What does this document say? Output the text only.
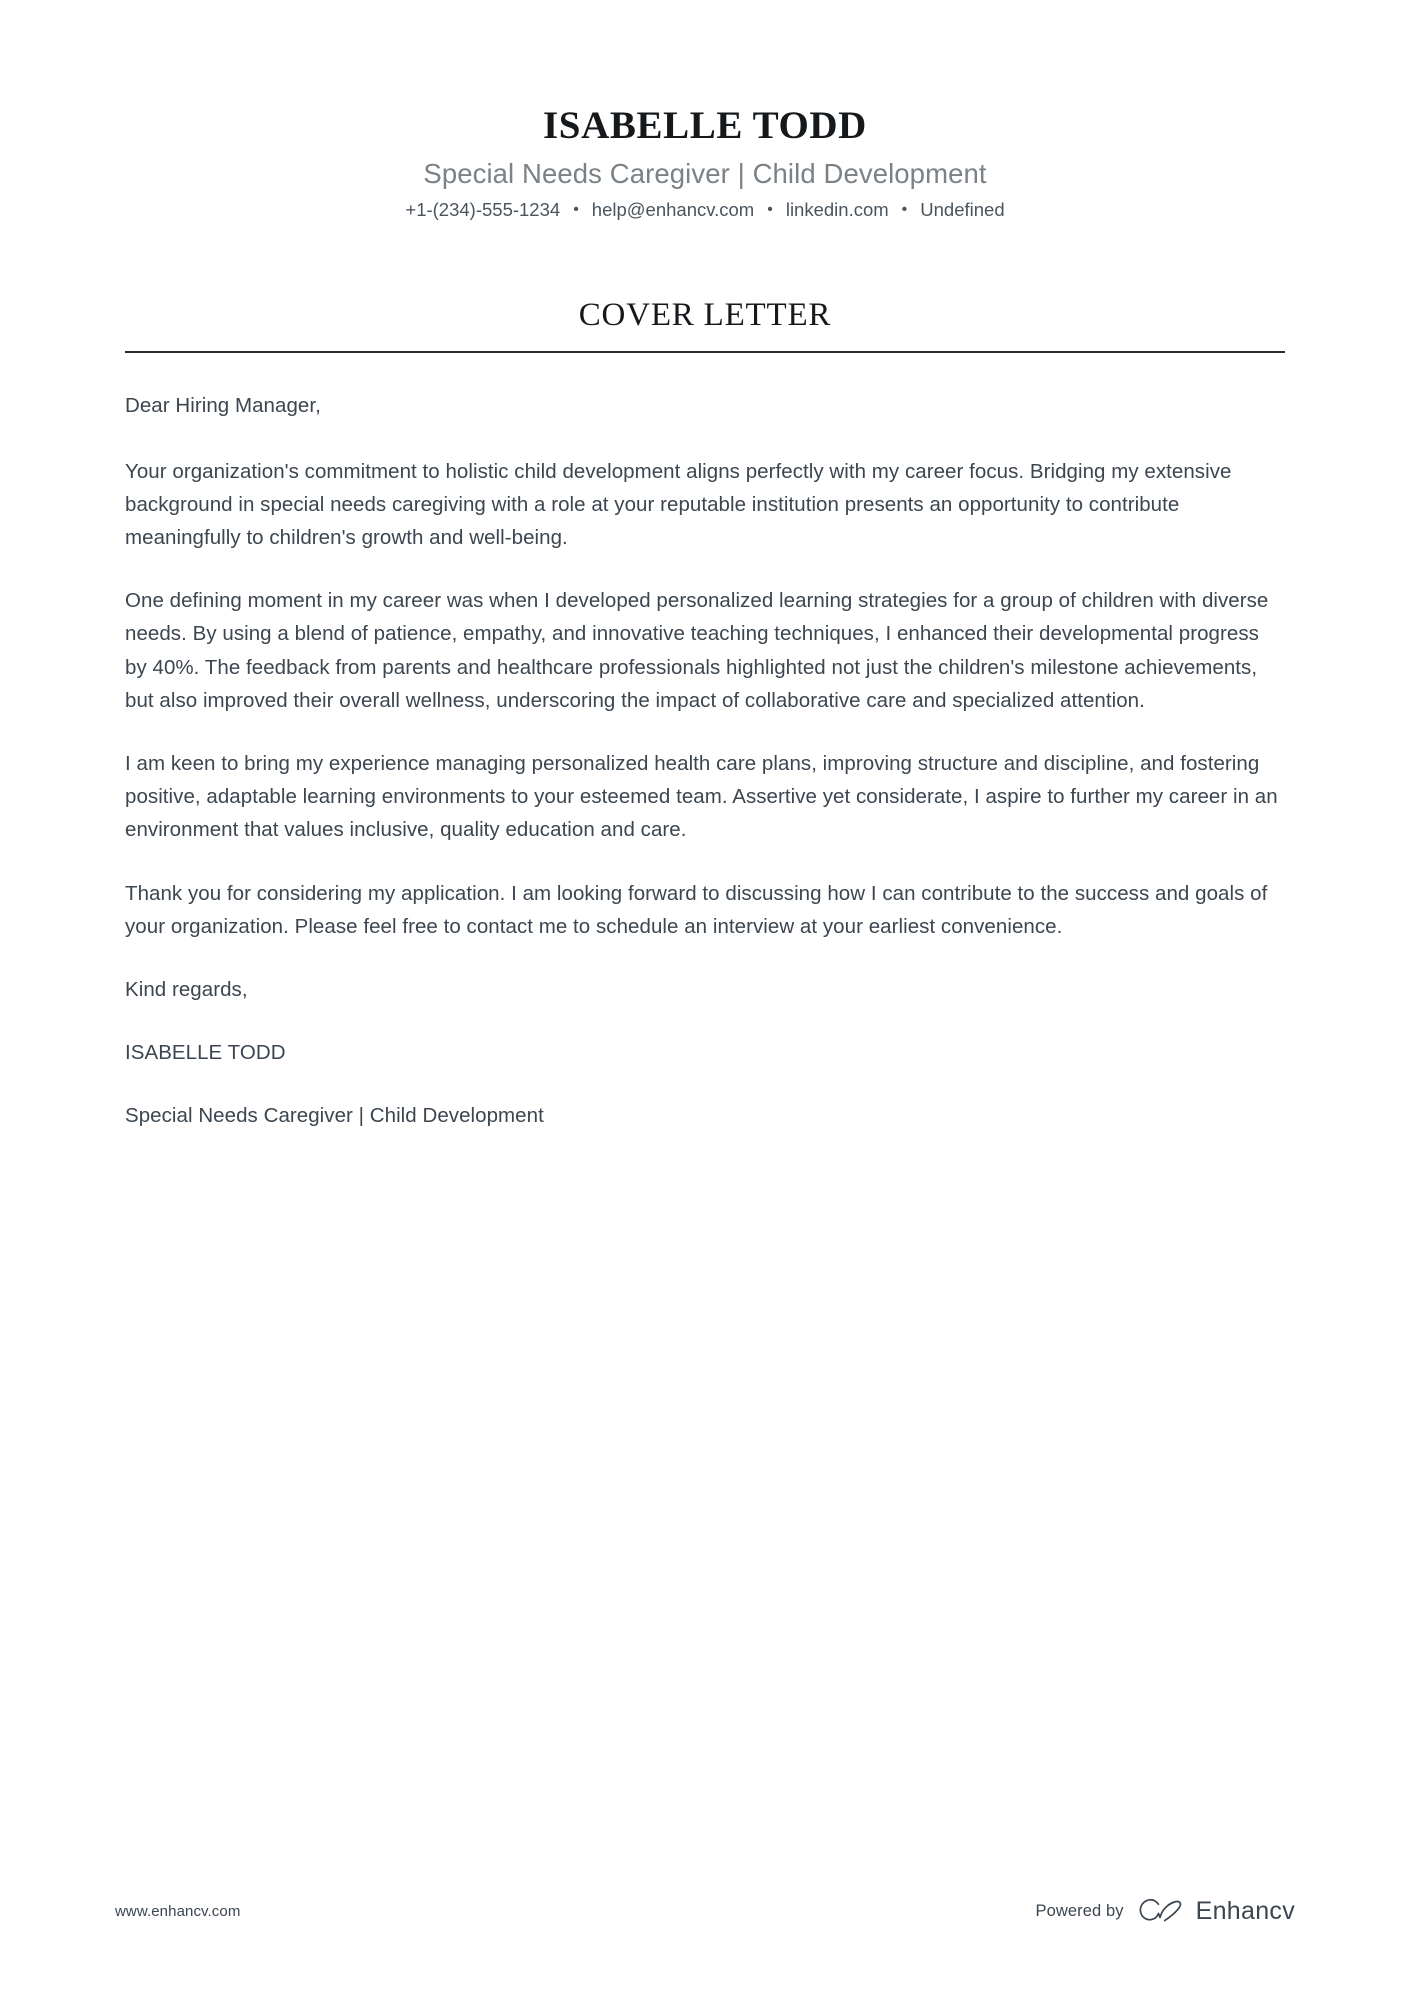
ISABELLE TODD
Special Needs Caregiver | Child Development
+1-(234)-555-1234 • help@enhancv.com • linkedin.com • Undefined
COVER LETTER

Dear Hiring Manager,

Your organization's commitment to holistic child development aligns perfectly with my career focus. Bridging my extensive background in special needs caregiving with a role at your reputable institution presents an opportunity to contribute meaningfully to children's growth and well-being.

One defining moment in my career was when I developed personalized learning strategies for a group of children with diverse needs. By using a blend of patience, empathy, and innovative teaching techniques, I enhanced their developmental progress by 40%. The feedback from parents and healthcare professionals highlighted not just the children's milestone achievements, but also improved their overall wellness, underscoring the impact of collaborative care and specialized attention.

I am keen to bring my experience managing personalized health care plans, improving structure and discipline, and fostering positive, adaptable learning environments to your esteemed team. Assertive yet considerate, I aspire to further my career in an environment that values inclusive, quality education and care.

Thank you for considering my application. I am looking forward to discussing how I can contribute to the success and goals of your organization. Please feel free to contact me to schedule an interview at your earliest convenience.

Kind regards,

ISABELLE TODD

Special Needs Caregiver | Child Development

www.enhancv.com	Powered by	Enhancv
